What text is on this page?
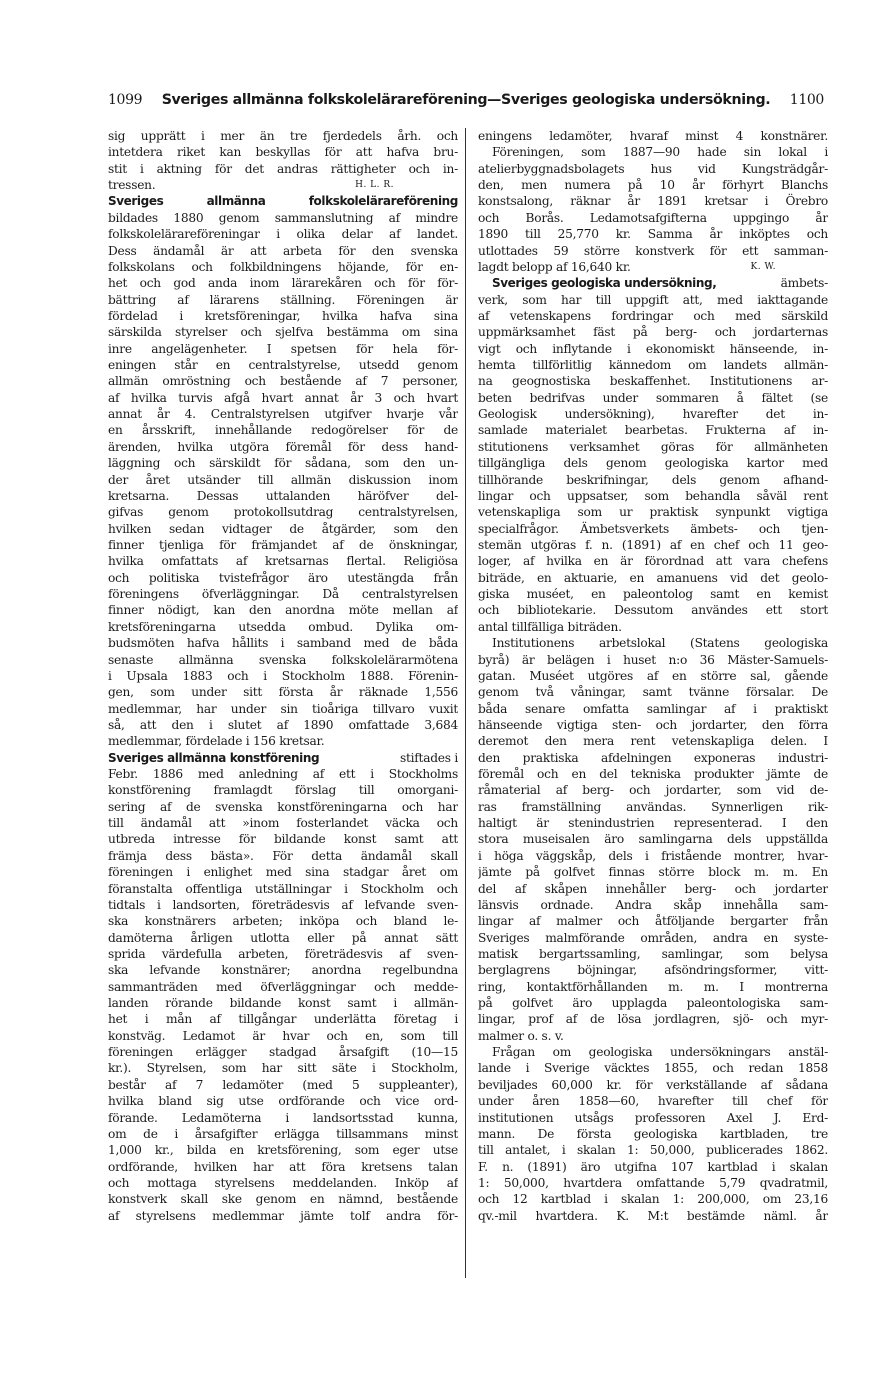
1099 Sveriges allmänna folkskolelärareförening—Sveriges geologiska undersökning. 1100
sig upprätt i mer än tre fjerdedels årh. och
intetdera riket kan beskyllas för att hafva bru-
stit i aktning för det andras rättigheter och in-
tressen.	H. L. R.
Sveriges allmänna folkskolelärareförening
bildades 1880 genom sammanslutning af mindre
folkskolelärareföreningar i olika delar af landet.
Dess ändamål är att arbeta för den svenska
folkskolans och folkbildningens höjande, för en-
het och god anda inom lärarekåren och för för-
bättring af lärarens ställning. Föreningen är
fördelad i kretsföreningar, hvilka hafva sina
särskilda styrelser och sjelfva bestämma om sina
inre angelägenheter. I spetsen för hela för-
eningen står en centralstyrelse, utsedd genom
allmän omröstning och bestående af 7 personer,
af hvilka turvis afgå hvart annat år 3 och hvart
annat år 4. Centralstyrelsen utgifver hvarje vår
en årsskrift, innehållande redogörelser för de
ärenden, hvilka utgöra föremål för dess hand-
läggning och särskildt för sådana, som den un-
der året utsänder till allmän diskussion inom
kretsarna. Dessas uttalanden häröfver del-
gifvas genom protokollsutdrag centralstyrelsen,
hvilken sedan vidtager de åtgärder, som den
finner tjenliga för främjandet af de önskningar,
hvilka omfattats af kretsarnas flertal. Religiösa
och politiska tvistefrågor äro utestängda från
föreningens öfverläggningar. Då centralstyrelsen
finner nödigt, kan den anordna möte mellan af
kretsföreningarna utsedda ombud. Dylika om-
budsmöten hafva hållits i samband med de båda
senaste allmänna svenska folkskolelärarmötena
i Upsala 1883 och i Stockholm 1888. Förenin-
gen, som under sitt första år räknade 1,556
medlemmar, har under sin tioåriga tillvaro vuxit
så, att den i slutet af 1890 omfattade 3,684
medlemmar, fördelade i 156 kretsar.
Sveriges allmänna konstförening	stiftades i
Febr. 1886 med anledning af ett i Stockholms
konstförening framlagdt förslag till omorgani-
sering af de svenska konstföreningarna och har
till ändamål att »inom fosterlandet väcka och
utbreda intresse för bildande konst samt att
främja dess bästa». För detta ändamål skall
föreningen i enlighet med sina stadgar året om
föranstalta offentliga utställningar i Stockholm och
tidtals i landsorten, företrädesvis af lefvande sven-
ska konstnärers arbeten; inköpa och bland le-
damöterna årligen utlotta eller på annat sätt
sprida värdefulla arbeten, företrädesvis af sven-
ska lefvande konstnärer; anordna regelbundna
sammanträden med öfverläggningar och medde-
landen rörande bildande konst samt i allmän-
het i mån af tillgångar underlätta företag i
konstväg. Ledamot är hvar och en, som till
föreningen erlägger stadgad årsafgift (10—15
kr.). Styrelsen, som har sitt säte i Stockholm,
består af 7 ledamöter (med 5 suppleanter),
hvilka bland sig utse ordförande och vice ord-
förande. Ledamöterna i landsortsstad kunna,
om de i årsafgifter erlägga tillsammans minst
1,000 kr., bilda en kretsförening, som eger utse
ordförande, hvilken har att föra kretsens talan
och mottaga styrelsens meddelanden. Inköp af
konstverk skall ske genom en nämnd, bestående
af styrelsens medlemmar jämte tolf andra för-
eningens ledamöter, hvaraf minst 4 konstnärer.
Föreningen, som 1887—90 hade sin lokal i
atelierbyggnadsbolagets hus vid Kungsträdgår-
den, men numera på 10 år förhyrt Blanchs
konstsalong, räknar år 1891 kretsar i Örebro
och Borås. Ledamotsafgifterna uppgingo år
1890 till 25,770 kr. Samma år inköptes och
utlottades 59 större konstverk för ett samman-
lagdt belopp af 16,640 kr.	K. W.
Sveriges geologiska undersökning,	ämbets-
verk, som har till uppgift att, med iakttagande
af vetenskapens fordringar och med särskild
uppmärksamhet fäst på berg- och jordarternas
vigt och inflytande i ekonomiskt hänseende, in-
hemta tillförlitlig kännedom om landets allmän-
na geognostiska beskaffenhet. Institutionens ar-
beten bedrifvas under sommaren å fältet (se
Geologisk undersökning), hvarefter det in-
samlade materialet bearbetas. Frukterna af in-
stitutionens verksamhet göras för allmänheten
tillgängliga dels genom geologiska kartor med
tillhörande beskrifningar, dels genom afhand-
lingar och uppsatser, som behandla såväl rent
vetenskapliga som ur praktisk synpunkt vigtiga
specialfrågor. Ämbetsverkets ämbets- och tjen-
stemän utgöras f. n. (1891) af en chef och 11 geo-
loger, af hvilka en är förordnad att vara chefens
biträde, en aktuarie, en amanuens vid det geolo-
giska muséet, en paleontolog samt en kemist
och bibliotekarie. Dessutom användes ett stort
antal tillfälliga biträden.
Institutionens arbetslokal (Statens geologiska
byrå) är belägen i huset n:o 36 Mäster-Samuels-
gatan. Muséet utgöres af en större sal, gående
genom två våningar, samt tvänne försalar. De
båda senare omfatta samlingar af i praktiskt
hänseende vigtiga sten- och jordarter, den förra
deremot den mera rent vetenskapliga delen. I
den praktiska afdelningen exponeras industri-
föremål och en del tekniska produkter jämte de
råmaterial af berg- och jordarter, som vid de-
ras framställning användas. Synnerligen rik-
haltigt är stenindustrien representerad. I den
stora museisalen äro samlingarna dels uppställda
i höga väggskåp, dels i fristående montrer, hvar-
jämte på golfvet finnas större block m. m. En
del af skåpen innehåller berg- och jordarter
länsvis ordnade. Andra skåp innehålla sam-
lingar af malmer och åtföljande bergarter från
Sveriges malmförande områden, andra en syste-
matisk bergartssamling, samlingar, som belysa
berglagrens böjningar, afsöndringsformer, vitt-
ring, kontaktförhållanden m. m. I montrerna
på golfvet äro upplagda paleontologiska sam-
lingar, prof af de lösa jordlagren, sjö- och myr-
malmer o. s. v.
Frågan om geologiska undersökningars anstäl-
lande i Sverige väcktes 1855, och redan 1858
beviljades 60,000 kr. för verkställande af sådana
under åren 1858—60, hvarefter till chef för
institutionen utsågs professoren Axel J. Erd-
mann. De första geologiska kartbladen, tre
till antalet, i skalan 1: 50,000, publicerades 1862.
F. n. (1891) äro utgifna 107 kartblad i skalan
1: 50,000, hvartdera omfattande 5,79 qvadratmil,
och 12 kartblad i skalan 1: 200,000, om 23,16
qv.-mil hvartdera. K. M:t bestämde näml. år
